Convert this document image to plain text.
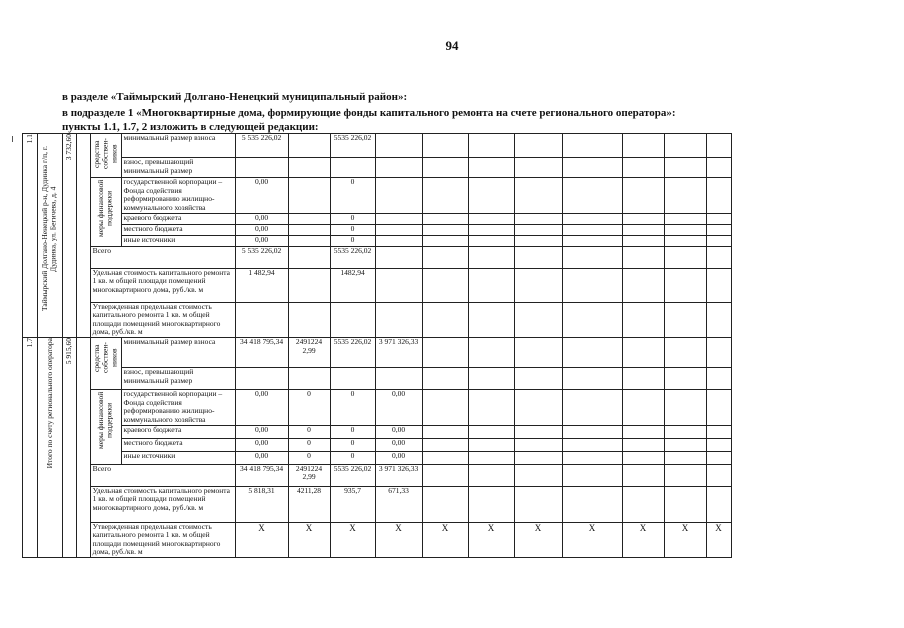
94
в разделе «Таймырский Долгано-Ненецкий муниципальный район»:
в подразделе 1 «Многоквартирные дома, формирующие фонды капитального ремонта на счете регионального оператора»:
пункты 1.1, 1.7, 2 изложить в следующей редакции:
1.1	Таймырский Долгано-Ненецкий р-н, Дудинка г/п, г. Дудинка, ул. Бегичева, д. 4	3 732,60		средства собствен-ников	минимальный размер взноса	5 535 226,02		5535 226,02								
					взнос, превышающий минимальный размер											

				меры финансовой поддержки	государственной корпорации – Фонда содействия реформированию жилищно-коммунального хозяйства	0,00		0								
					краевого бюджета	0,00		0								
					местного бюджета	0,00		0								
					иные источники	0,00		0								
				Всего		5 535 226,02		5535 226,02								
				Удельная стоимость капитального ремонта 1 кв. м общей площади помещений многоквартирного дома, руб./кв. м		1 482,94		1482,94								
				Утвержденная предельная стоимость капитального ремонта 1 кв. м общей площади помещений многоквартирного дома, руб./кв. м												

1.7	Итого по счету регионального оператора	5 915,60		средства собствен-ников	минимальный размер взноса	34 418 795,34	2491224 2,99	5535 226,02	3 971 326,33							
					взнос, превышающий минимальный размер											

				меры финансовой поддержки	государственной корпорации – Фонда содействия реформированию жилищно-коммунального хозяйства	0,00	0	0	0,00							
					краевого бюджета	0,00	0	0	0,00							
					местного бюджета	0,00	0	0	0,00							
					иные источники	0,00	0	0	0,00							
				Всего		34 418 795,34	2491224 2,99	5535 226,02	3 971 326,33							
				Удельная стоимость капитального ремонта 1 кв. м общей площади помещений многоквартирного дома, руб./кв. м		5 818,31	4211,28	935,7	671,33							
				Утвержденная предельная стоимость капитального ремонта 1 кв. м общей площади помещений многоквартирного дома, руб./кв. м		Х	Х	Х	Х	Х	Х	Х	Х	Х	Х	Х
